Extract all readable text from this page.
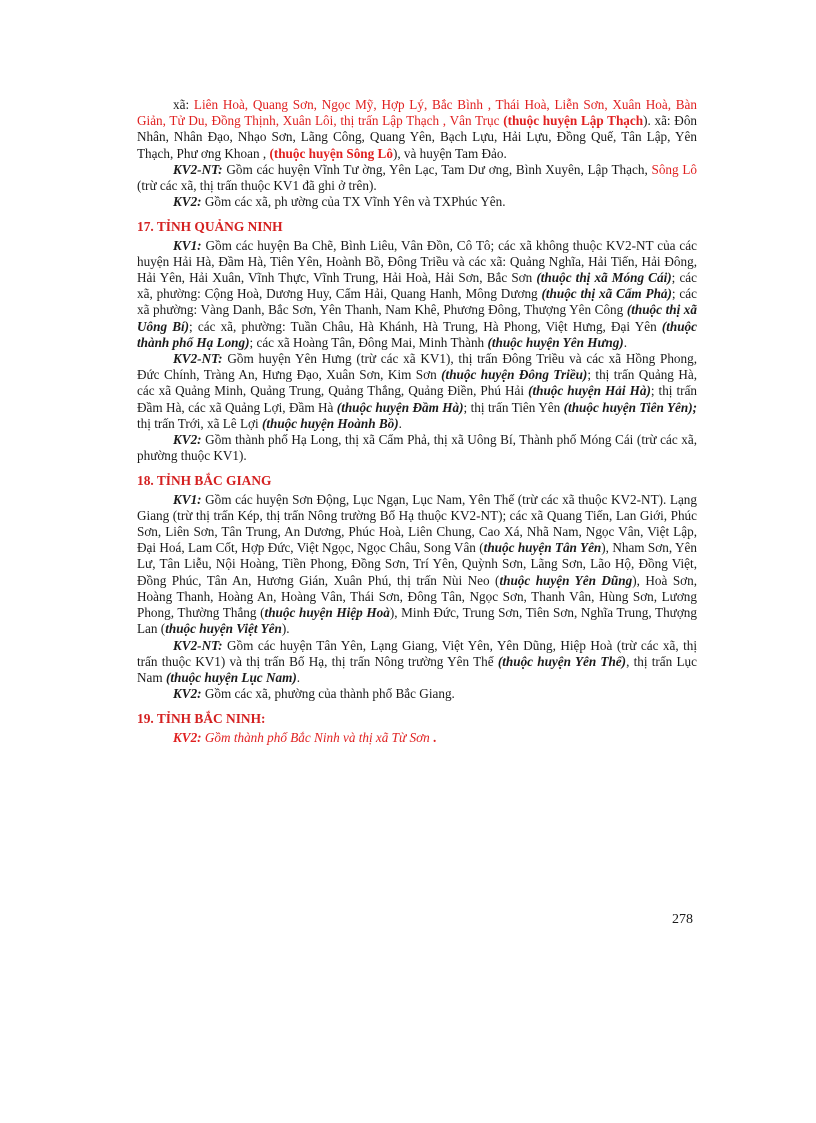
xã: Liên Hoà, Quang Sơn, Ngọc Mỹ, Hợp Lý, Bắc Bình , Thái Hoà, Liễn Sơn, Xuân Hoà, Bàn Giản, Tử Du, Đồng Thịnh, Xuân Lôi, thị trấn Lập Thạch , Vân Trục (thuộc huyện Lập Thạch). xã: Đôn Nhân, Nhân Đạo, Nhạo Sơn, Lãng Công, Quang Yên, Bạch Lựu, Hải Lựu, Đồng Quế, Tân Lập, Yên Thạch, Phư ơng Khoan , (thuộc huyện Sông Lô), và huyện Tam Đảo.

KV2-NT: Gồm các huyện Vĩnh Tư ờng, Yên Lạc, Tam Dư ơng, Bình Xuyên, Lập Thạch, Sông Lô (trừ các xã, thị trấn thuộc KV1 đã ghi ở trên).

KV2: Gồm các xã, ph ường của TX Vĩnh Yên và TXPhúc Yên.

17. TỈNH QUẢNG NINH

KV1: Gồm các huyện Ba Chẽ, Bình Liêu, Vân Đồn, Cô Tô; các xã không thuộc KV2-NT của các huyện Hải Hà, Đầm Hà, Tiên Yên, Hoành Bồ, Đông Triều và các xã: Quảng Nghĩa, Hải Tiến, Hải Đông, Hải Yên, Hải Xuân, Vĩnh Thực, Vĩnh Trung, Hải Hoà, Hải Sơn, Bắc Sơn (thuộc thị xã Móng Cái); các xã, phường: Cộng Hoà, Dương Huy, Cẩm Hải, Quang Hanh, Mông Dương (thuộc thị xã Cẩm Phả); các xã phường: Vàng Danh, Bắc Sơn, Yên Thanh, Nam Khê, Phương Đông, Thượng Yên Công (thuộc thị xã Uông Bí); các xã, phường: Tuần Châu, Hà Khánh, Hà Trung, Hà Phong, Việt Hưng, Đại Yên (thuộc thành phố Hạ Long); các xã Hoàng Tân, Đông Mai, Minh Thành (thuộc huyện Yên Hưng).

KV2-NT: Gồm huyện Yên Hưng (trừ các xã KV1), thị trấn Đông Triều và các xã Hồng Phong, Đức Chính, Tràng An, Hưng Đạo, Xuân Sơn, Kim Sơn (thuộc huyện Đông Triều); thị trấn Quảng Hà, các xã Quảng Minh, Quảng Trung, Quảng Thắng, Quảng Điền, Phú Hải (thuộc huyện Hải Hà); thị trấn Đầm Hà, các xã Quảng Lợi, Đầm Hà (thuộc huyện Đầm Hà); thị trấn Tiên Yên (thuộc huyện Tiên Yên); thị trấn Trới, xã Lê Lợi (thuộc huyện Hoành Bồ).

KV2: Gồm thành phố Hạ Long, thị xã Cẩm Phả, thị xã Uông Bí, Thành phố Móng Cái (trừ các xã, phường thuộc KV1).

18. TỈNH BẮC GIANG

KV1: Gồm các huyện Sơn Động, Lục Ngạn, Lục Nam, Yên Thế (trừ các xã thuộc KV2-NT). Lạng Giang (trừ thị trấn Kép, thị trấn Nông trường Bố Hạ thuộc KV2-NT); các xã Quang Tiến, Lan Giới, Phúc Sơn, Liên Sơn, Tân Trung, An Dương, Phúc Hoà, Liên Chung, Cao Xá, Nhã Nam, Ngọc Vân, Việt Lập, Đại Hoá, Lam Cốt, Hợp Đức, Việt Ngọc, Ngọc Châu, Song Vân (thuộc huyện Tân Yên), Nham Sơn, Yên Lư, Tân Liễu, Nội Hoàng, Tiền Phong, Đồng Sơn, Trí Yên, Quỳnh Sơn, Lãng Sơn, Lão Hộ, Đồng Việt, Đồng Phúc, Tân An, Hương Gián, Xuân Phú, thị trấn Nùi Neo (thuộc huyện Yên Dũng), Hoà Sơn, Hoàng Thanh, Hoàng An, Hoàng Vân, Thái Sơn, Đông Tân, Ngọc Sơn, Thanh Vân, Hùng Sơn, Lương Phong, Thường Thắng (thuộc huyện Hiệp Hoà), Minh Đức, Trung Sơn, Tiên Sơn, Nghĩa Trung, Thượng Lan (thuộc huyện Việt Yên).

KV2-NT: Gồm các huyện Tân Yên, Lạng Giang, Việt Yên, Yên Dũng, Hiệp Hoà (trừ các xã, thị trấn thuộc KV1) và thị trấn Bố Hạ, thị trấn Nông trường Yên Thế (thuộc huyện Yên Thế), thị trấn Lục Nam (thuộc huyện Lục Nam).

KV2: Gồm các xã, phường của thành phố Bắc Giang.

19. TỈNH BẮC NINH:

KV2: Gồm thành phố Bắc Ninh và thị xã Từ Sơn .

278
